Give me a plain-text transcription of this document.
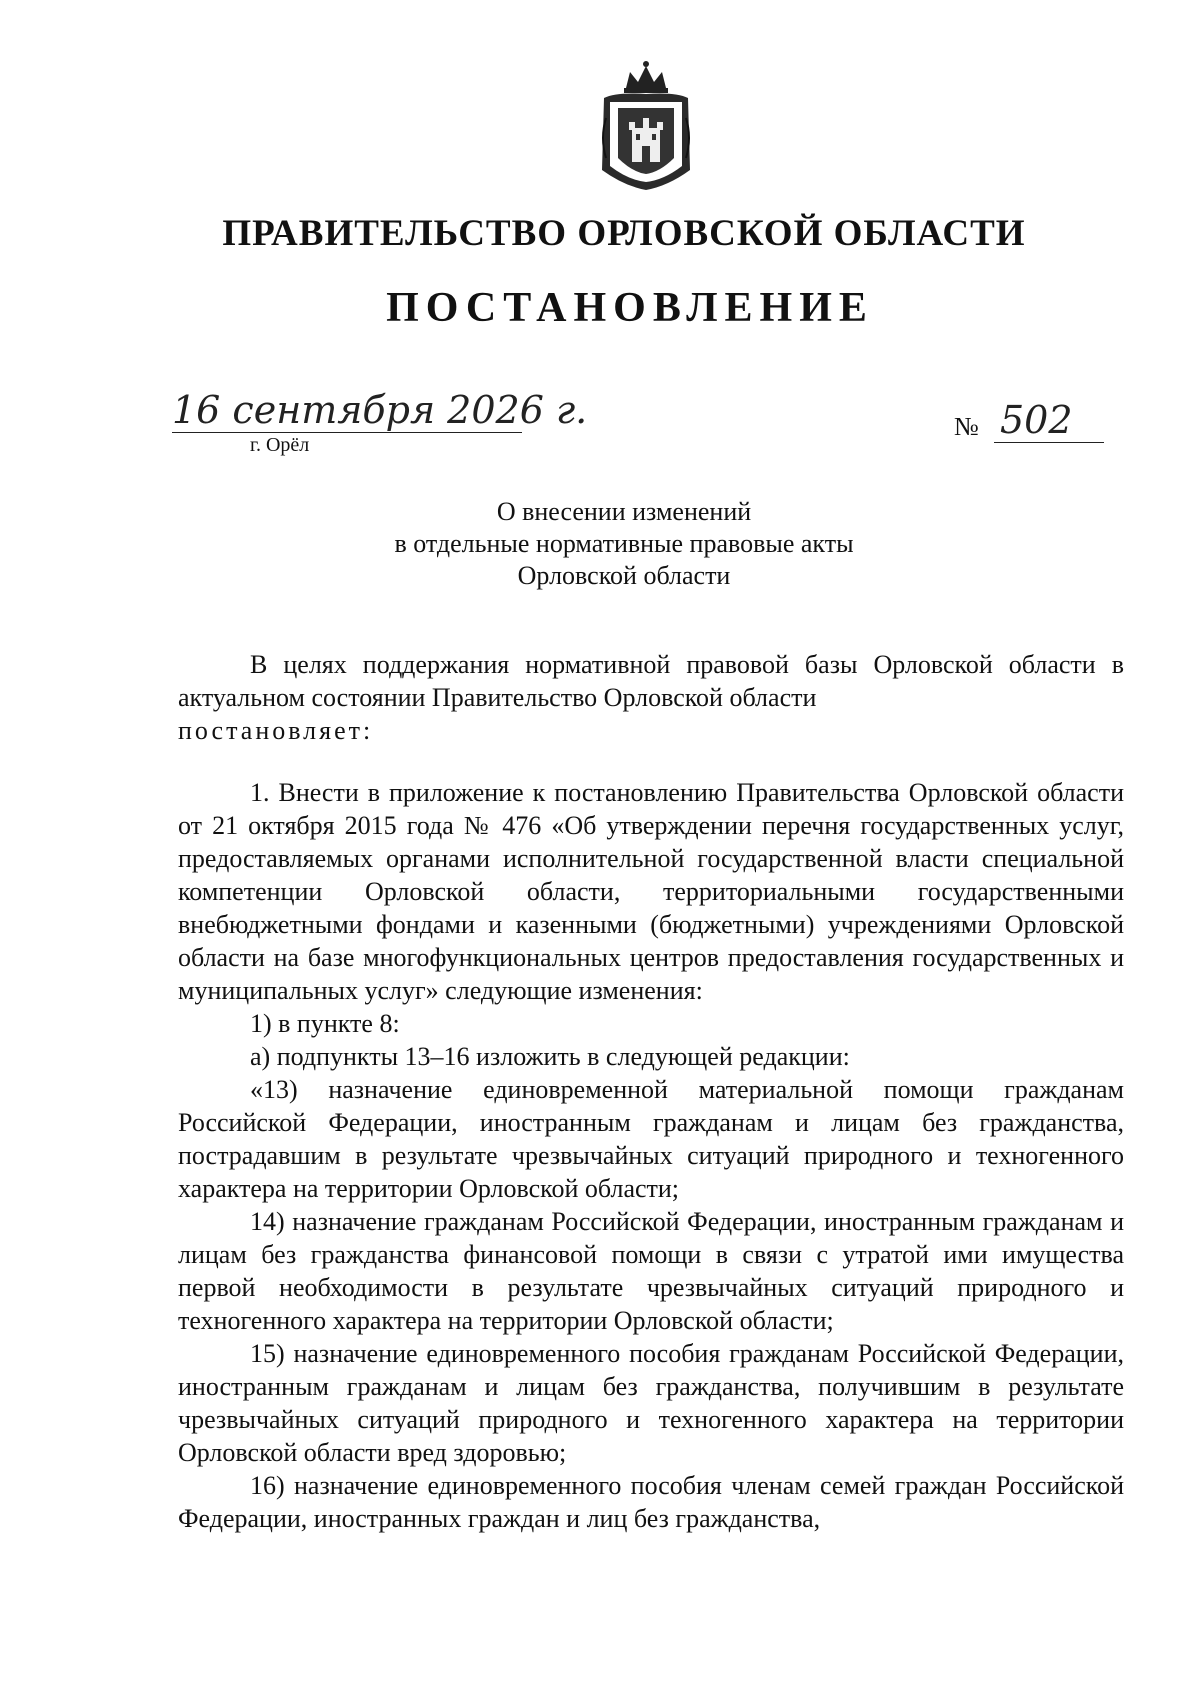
ПРАВИТЕЛЬСТВО ОРЛОВСКОЙ ОБЛАСТИ
ПОСТАНОВЛЕНИЕ
16 сентября 2026 г.
г. Орёл
№ 502
О внесении изменений
в отдельные нормативные правовые акты
Орловской области

В целях поддержания нормативной правовой базы Орловской области в актуальном состоянии Правительство Орловской области

постановляет:

1. Внести в приложение к постановлению Правительства Орловской области от 21 октября 2015 года № 476 «Об утверждении перечня государственных услуг, предоставляемых органами исполнительной государственной власти специальной компетенции Орловской области, территориальными государственными внебюджетными фондами и казенными (бюджетными) учреждениями Орловской области на базе многофункциональных центров предоставления государственных и муниципальных услуг» следующие изменения:

1) в пункте 8:

а) подпункты 13–16 изложить в следующей редакции:

«13) назначение единовременной материальной помощи гражданам Российской Федерации, иностранным гражданам и лицам без гражданства, пострадавшим в результате чрезвычайных ситуаций природного и техногенного характера на территории Орловской области;

14) назначение гражданам Российской Федерации, иностранным гражданам и лицам без гражданства финансовой помощи в связи с утратой ими имущества первой необходимости в результате чрезвычайных ситуаций природного и техногенного характера на территории Орловской области;

15) назначение единовременного пособия гражданам Российской Федерации, иностранным гражданам и лицам без гражданства, получившим в результате чрезвычайных ситуаций природного и техногенного характера на территории Орловской области вред здоровью;

16) назначение единовременного пособия членам семей граждан Российской Федерации, иностранных граждан и лиц без гражданства,
